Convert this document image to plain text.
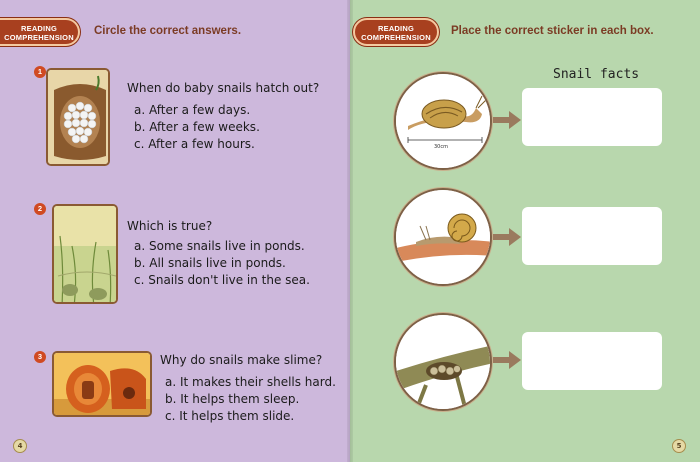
READING
COMPREHENSION
Circle the correct answers.
1
When do baby snails hatch out?
a. After a few days.
b. After a few weeks.
c. After a few hours.
2
Which is true?
a. Some snails live in ponds.
b. All snails live in ponds.
c. Snails don't live in the sea.
3	Why do snails make slime?
a. It makes their shells hard.
b. It helps them sleep.
c. It helps them slide.
4
READING
COMPREHENSION
Place the correct sticker in each box.
Snail facts
30cm
5
